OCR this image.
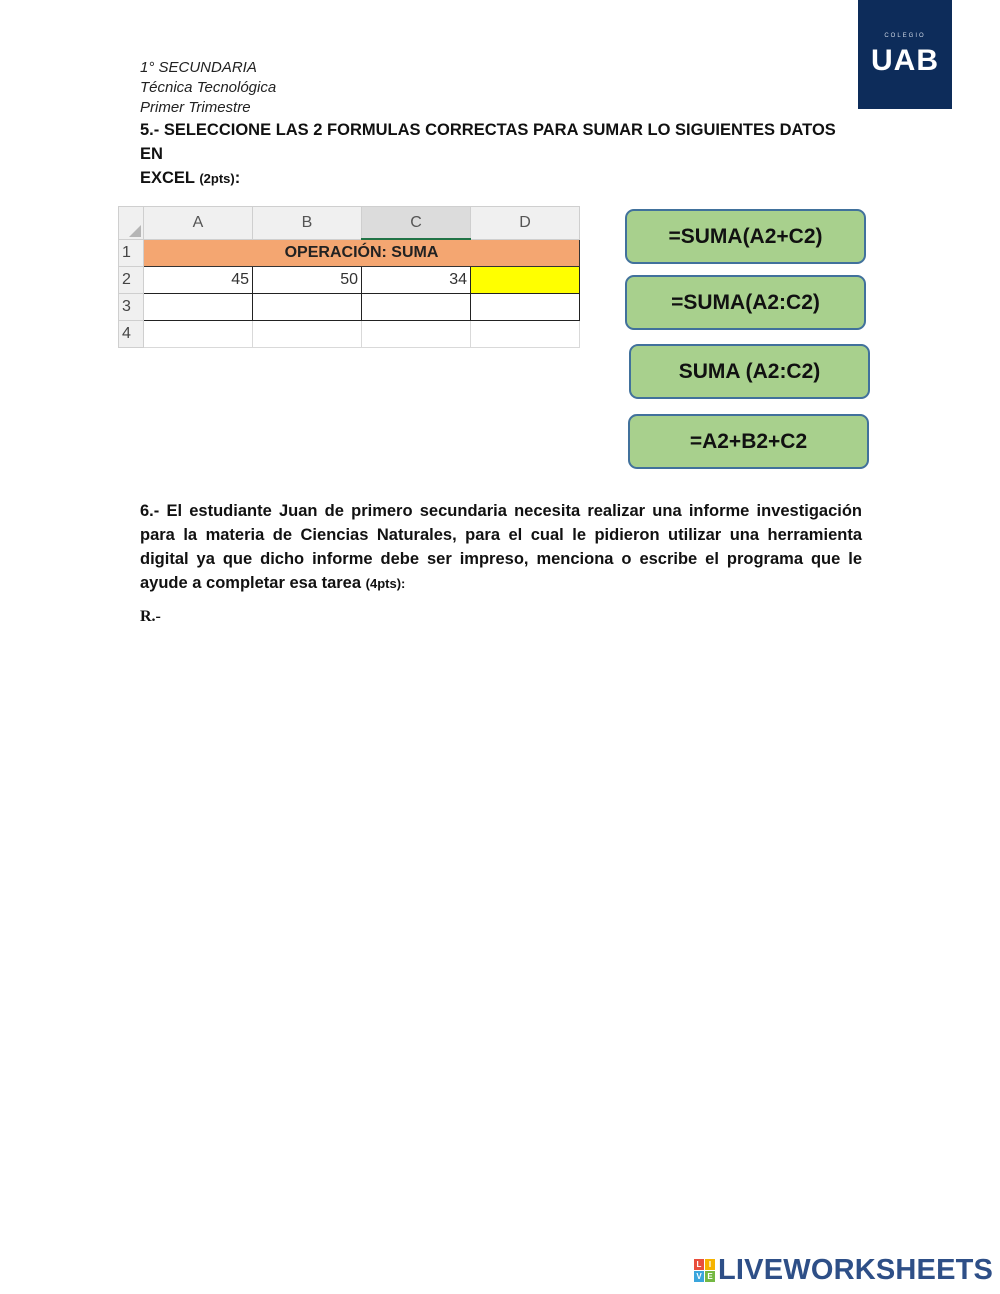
1° SECUNDARIA
Técnica Tecnológica
Primer Trimestre
COLEGIO
UAB
5.- SELECCIONE LAS 2 FORMULAS CORRECTAS PARA SUMAR LO SIGUIENTES DATOS EN
EXCEL (2pts):
	A	B	C	D
1	OPERACIÓN: SUMA			
2	45	50	34	
3				
4				
=SUMA(A2+C2)
=SUMA(A2:C2)
SUMA (A2:C2)
=A2+B2+C2
6.- El estudiante Juan de primero secundaria necesita realizar una informe investigación para la materia de Ciencias Naturales, para el cual le pidieron utilizar una herramienta digital ya que dicho informe debe ser impreso, menciona o escribe el programa que le ayude a completar esa tarea (4pts):
R.-
L I
V E LIVEWORKSHEETS
